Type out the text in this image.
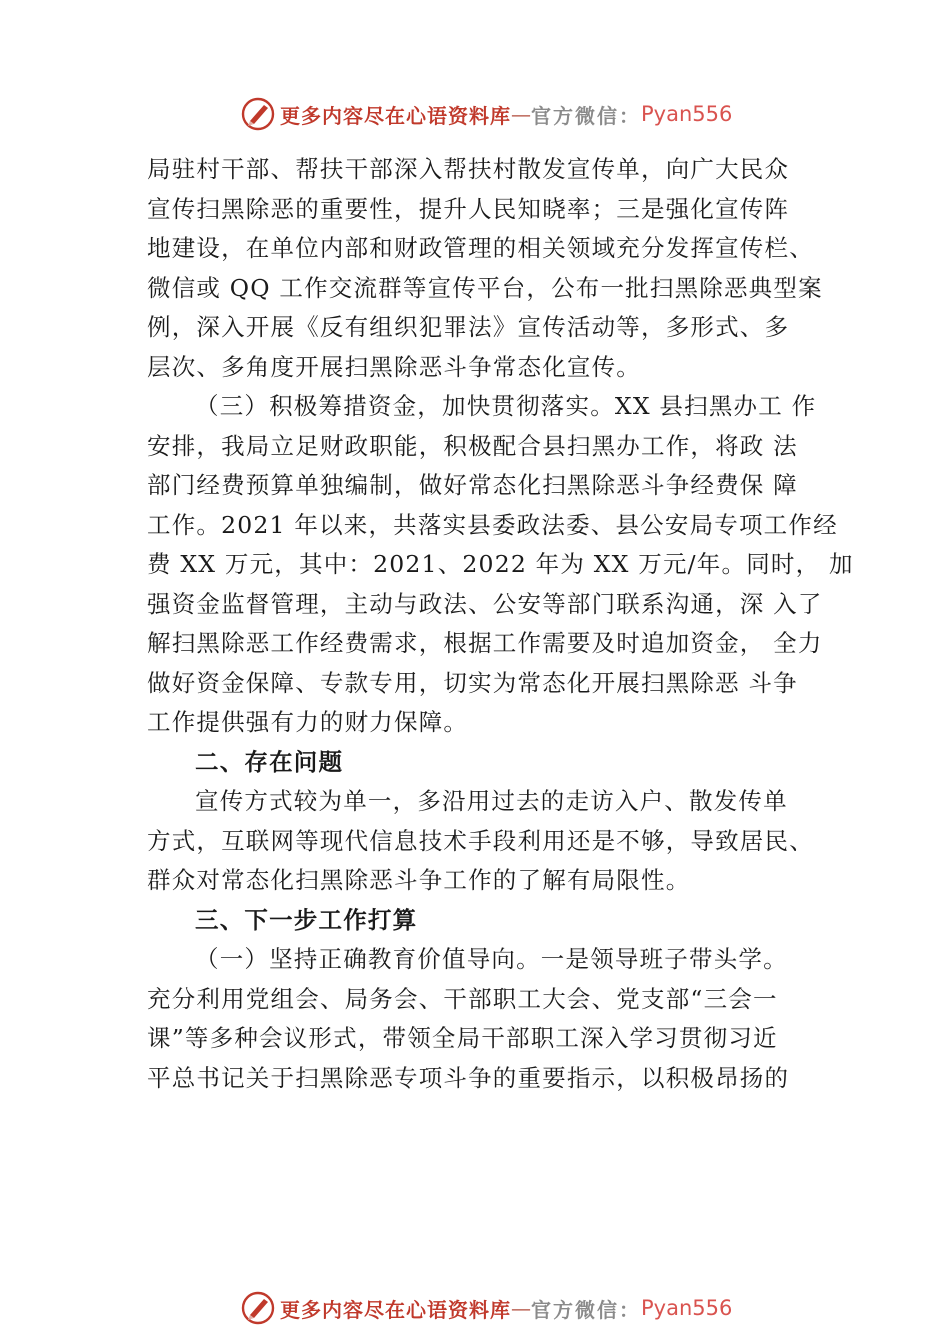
更多内容尽在心语资料库 — 官方微信： Pyan556
局驻村干部、帮扶干部深入帮扶村散发宣传单，向广大民众
宣传扫黑除恶的重要性，提升人民知晓率；三是强化宣传阵
地建设，在单位内部和财政管理的相关领域充分发挥宣传栏、
微信或 QQ 工作交流群等宣传平台，公布一批扫黑除恶典型案
例，深入开展《反有组织犯罪法》宣传活动等，多形式、多
层次、多角度开展扫黑除恶斗争常态化宣传。
（三）积极筹措资金，加快贯彻落实。XX 县扫黑办工 作
安排，我局立足财政职能，积极配合县扫黑办工作，将政 法
部门经费预算单独编制，做好常态化扫黑除恶斗争经费保 障
工作。2021 年以来，共落实县委政法委、县公安局专项工作经
费 XX 万元，其中：2021、2022 年为 XX 万元/年。同时， 加
强资金监督管理，主动与政法、公安等部门联系沟通，深 入了
解扫黑除恶工作经费需求，根据工作需要及时追加资金， 全力
做好资金保障、专款专用，切实为常态化开展扫黑除恶 斗争
工作提供强有力的财力保障。
二、存在问题
宣传方式较为单一，多沿用过去的走访入户、散发传单
方式，互联网等现代信息技术手段利用还是不够，导致居民、
群众对常态化扫黑除恶斗争工作的了解有局限性。
三、下一步工作打算
（一）坚持正确教育价值导向。一是领导班子带头学。
充分利用党组会、局务会、干部职工大会、党支部“三会一
课”等多种会议形式，带领全局干部职工深入学习贯彻习近
平总书记关于扫黑除恶专项斗争的重要指示，以积极昂扬的
更多内容尽在心语资料库 — 官方微信： Pyan556
